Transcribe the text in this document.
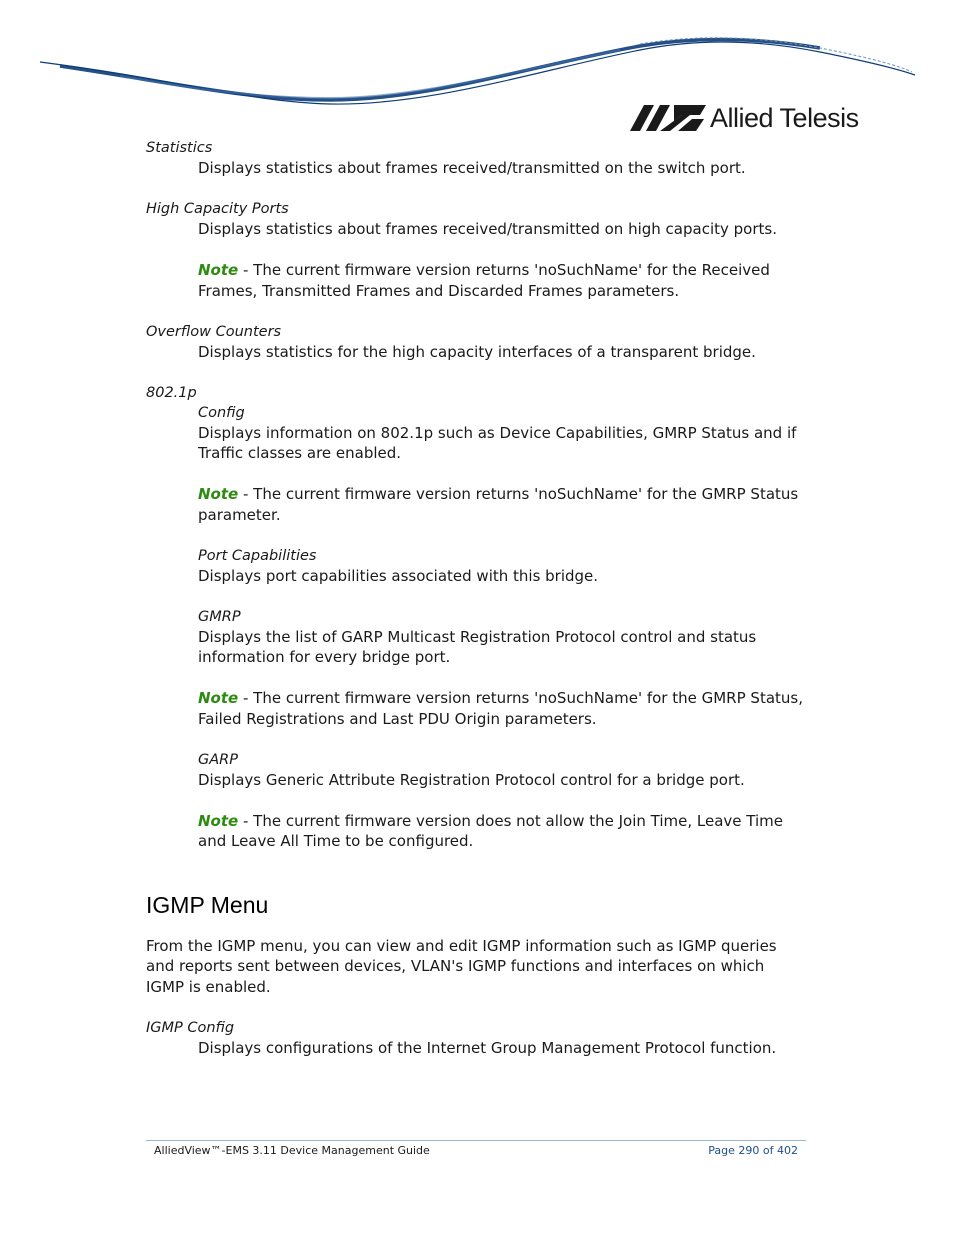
Allied Telesis

Statistics

Displays statistics about frames received/transmitted on the switch port.

High Capacity Ports

Displays statistics about frames received/transmitted on high capacity ports.

Note - The current firmware version returns 'noSuchName' for the Received Frames, Transmitted Frames and Discarded Frames parameters.

Overflow Counters

Displays statistics for the high capacity interfaces of a transparent bridge.

802.1p

Config

Displays information on 802.1p such as Device Capabilities, GMRP Status and if Traffic classes are enabled.

Note - The current firmware version returns 'noSuchName' for the GMRP Status parameter.

Port Capabilities

Displays port capabilities associated with this bridge.

GMRP

Displays the list of GARP Multicast Registration Protocol control and status information for every bridge port.

Note - The current firmware version returns 'noSuchName' for the GMRP Status, Failed Registrations and Last PDU Origin parameters.

GARP

Displays Generic Attribute Registration Protocol control for a bridge port.

Note - The current firmware version does not allow the Join Time, Leave Time and Leave All Time to be configured.

IGMP Menu

From the IGMP menu, you can view and edit IGMP information such as IGMP queries and reports sent between devices, VLAN's IGMP functions and interfaces on which IGMP is enabled.

IGMP Config

Displays configurations of the Internet Group Management Protocol function.

AlliedView™-EMS 3.11 Device Management Guide	Page 290 of 402
